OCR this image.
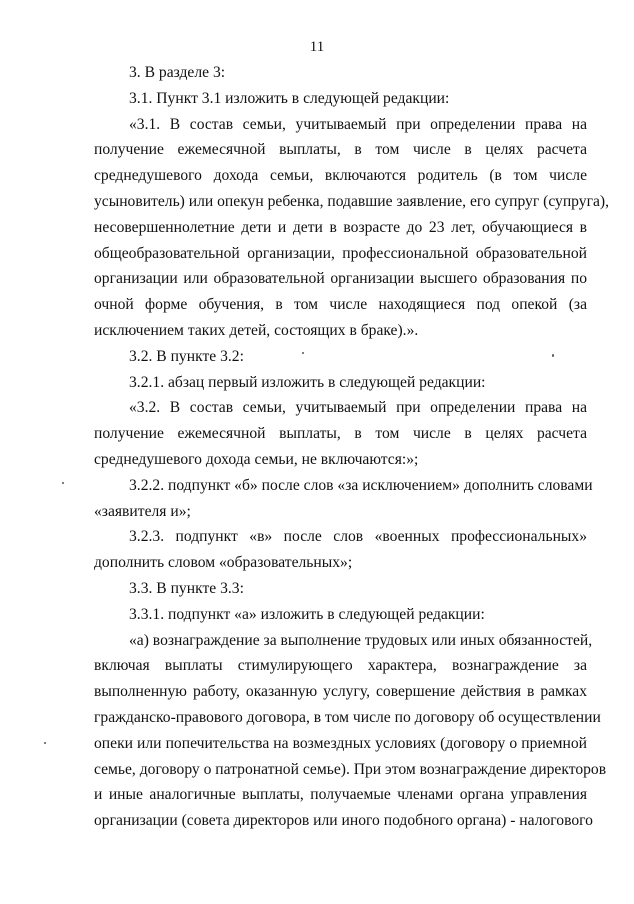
11
3. В разделе 3:
3.1. Пункт 3.1 изложить в следующей редакции:
«3.1. В состав семьи, учитываемый при определении права на
получение ежемесячной выплаты, в том числе в целях расчета
среднедушевого дохода семьи, включаются родитель (в том числе
усыновитель) или опекун ребенка, подавшие заявление, его супруг (супруга),
несовершеннолетние дети и дети в возрасте до 23 лет, обучающиеся в
общеобразовательной организации, профессиональной образовательной
организации или образовательной организации высшего образования по
очной форме обучения, в том числе находящиеся под опекой (за
исключением таких детей, состоящих в браке).».
3.2. В пункте 3.2:
3.2.1. абзац первый изложить в следующей редакции:
«3.2. В состав семьи, учитываемый при определении права на
получение ежемесячной выплаты, в том числе в целях расчета
среднедушевого дохода семьи, не включаются:»;
3.2.2. подпункт «б» после слов «за исключением» дополнить словами
«заявителя и»;
3.2.3. подпункт «в» после слов «военных профессиональных»
дополнить словом «образовательных»;
3.3. В пункте 3.3:
3.3.1. подпункт «а» изложить в следующей редакции:
«а) вознаграждение за выполнение трудовых или иных обязанностей,
включая выплаты стимулирующего характера, вознаграждение за
выполненную работу, оказанную услугу, совершение действия в рамках
гражданско-правового договора, в том числе по договору об осуществлении
опеки или попечительства на возмездных условиях (договору о приемной
семье, договору о патронатной семье). При этом вознаграждение директоров
и иные аналогичные выплаты, получаемые членами органа управления
организации (совета директоров или иного подобного органа) - налогового
